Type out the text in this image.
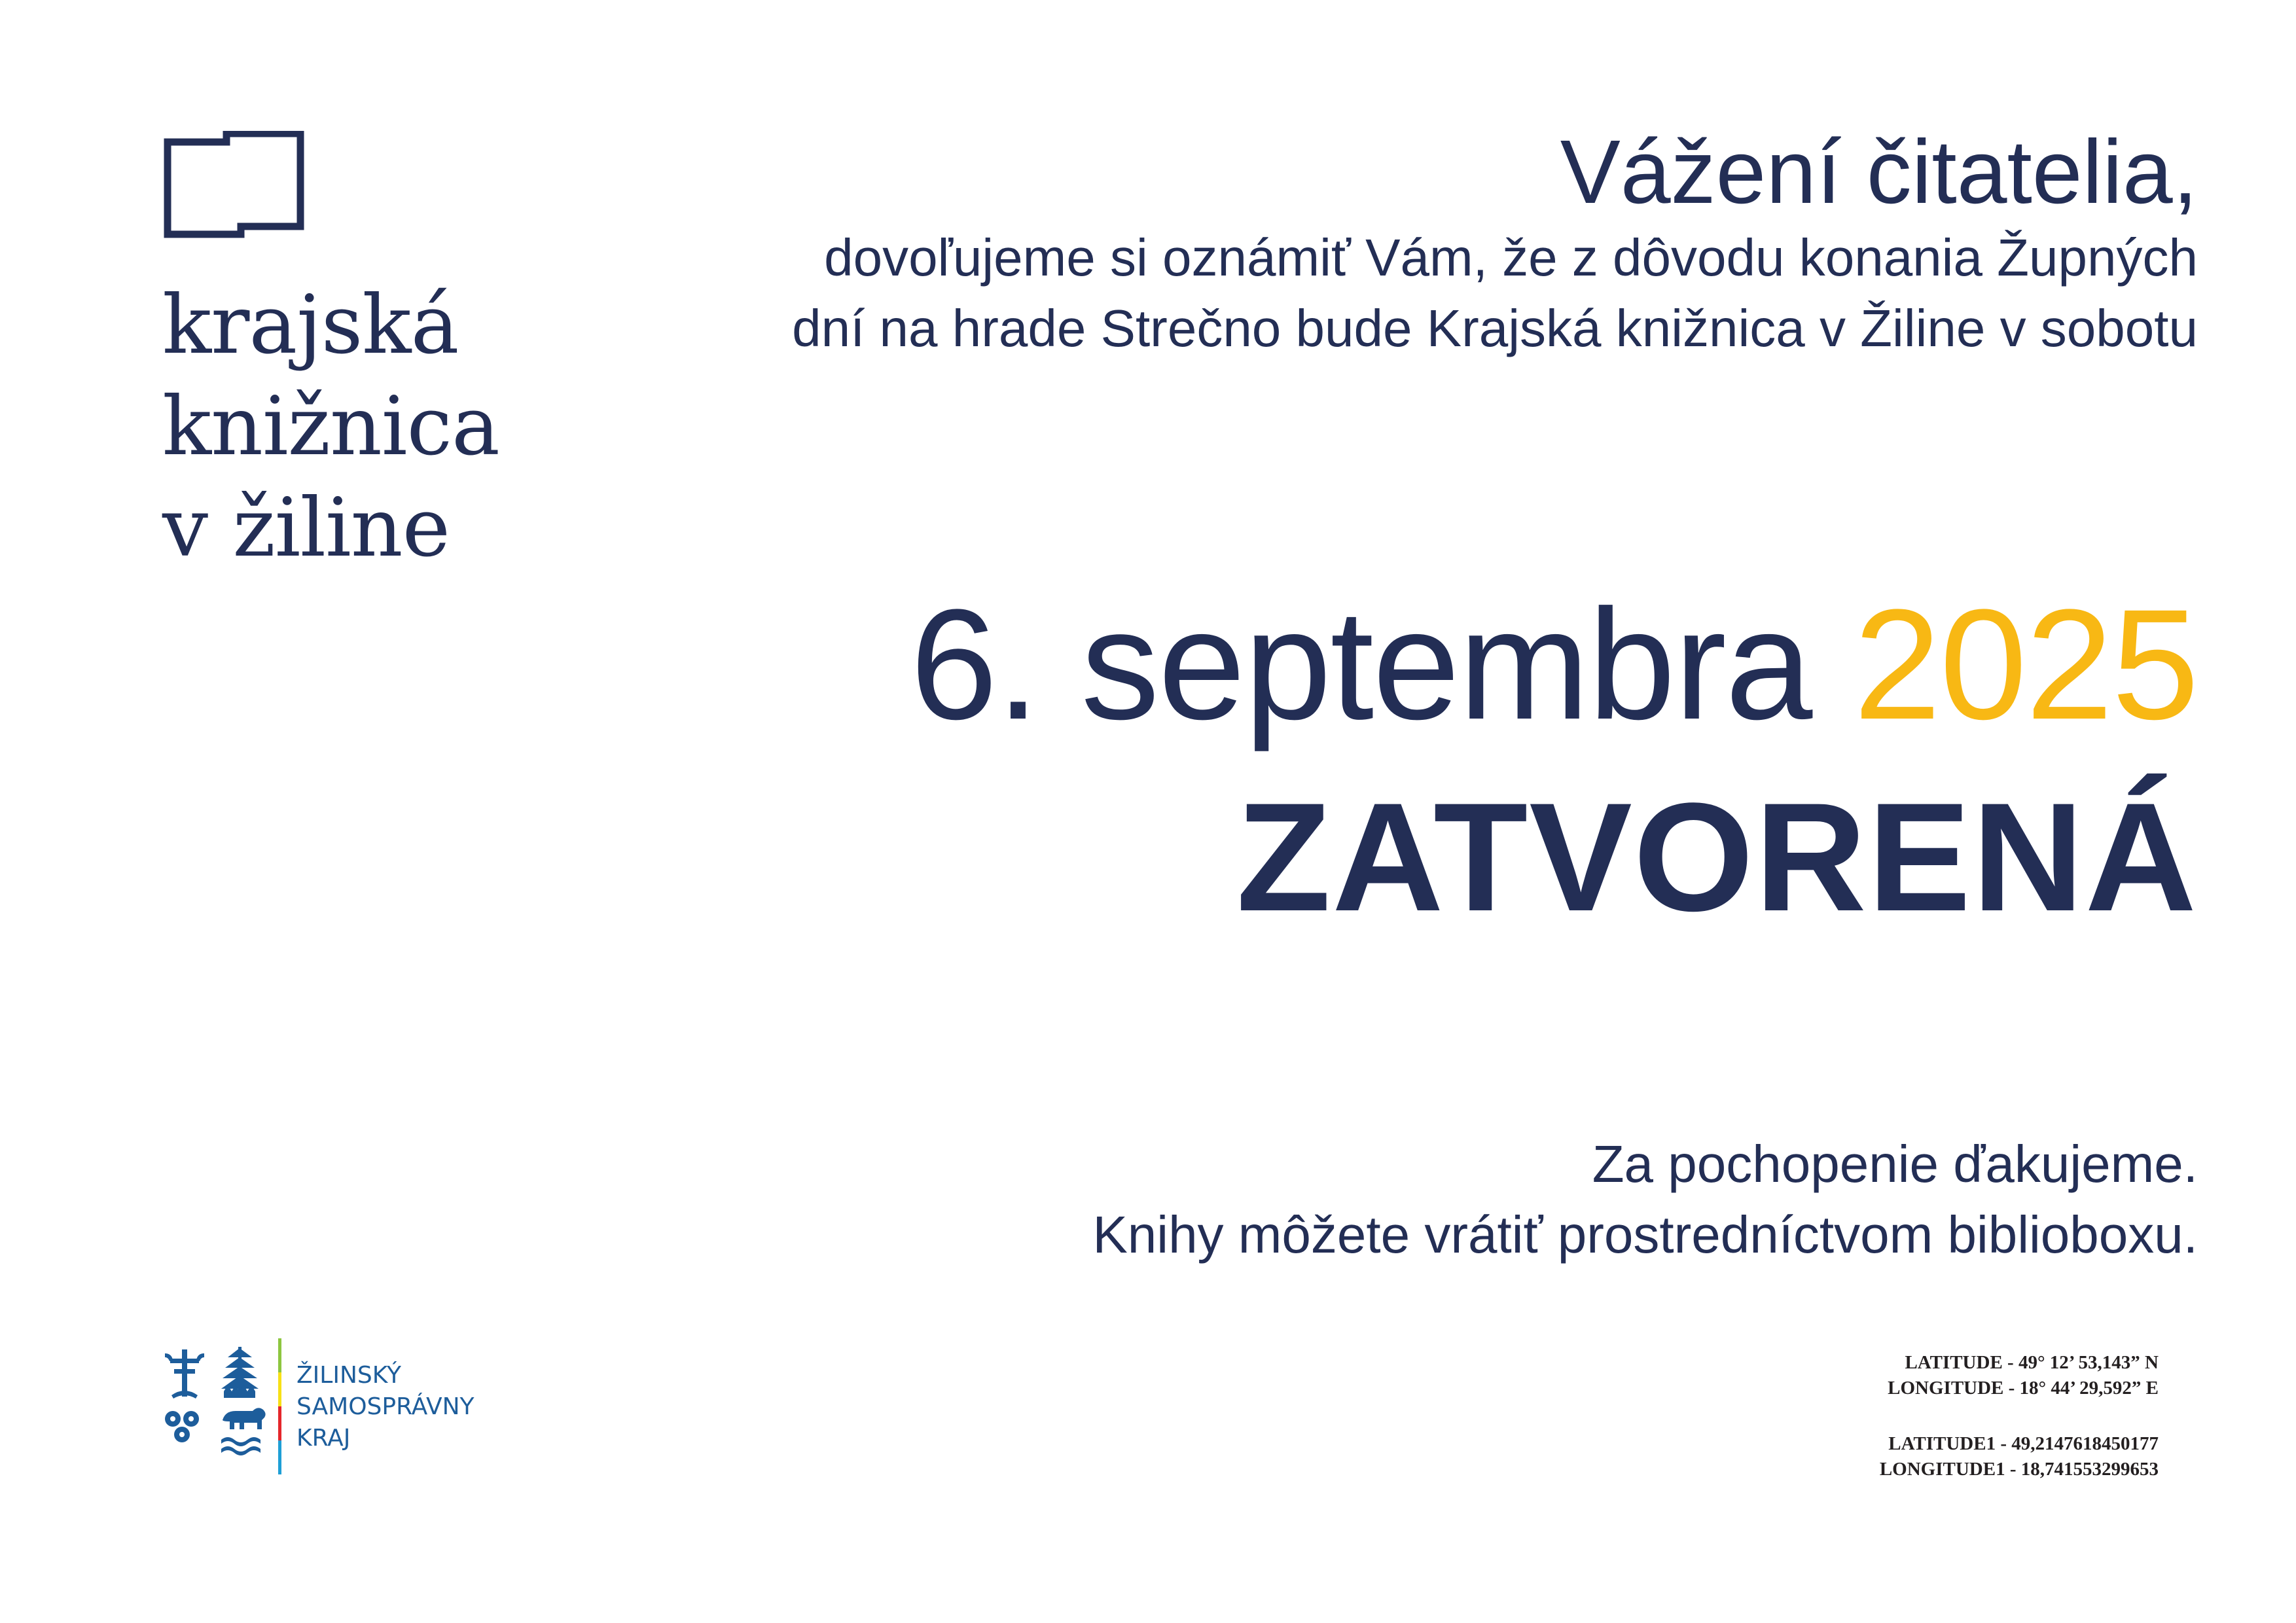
krajská
knižnica
v žiline
Vážení čitatelia,
dovoľujeme si oznámiť Vám, že z dôvodu konania Župných
dní na hrade Strečno bude Krajská knižnica v Žiline v sobotu
6. septembra 2025
ZATVORENÁ
Za pochopenie ďakujeme.
Knihy môžete vrátiť prostredníctvom biblioboxu.
ŽILINSKÝ
SAMOSPRÁVNY
KRAJ
LATITUDE - 49° 12’ 53,143” N
LONGITUDE - 18° 44’ 29,592” E
LATITUDE1 - 49,2147618450177
LONGITUDE1 - 18,741553299653
